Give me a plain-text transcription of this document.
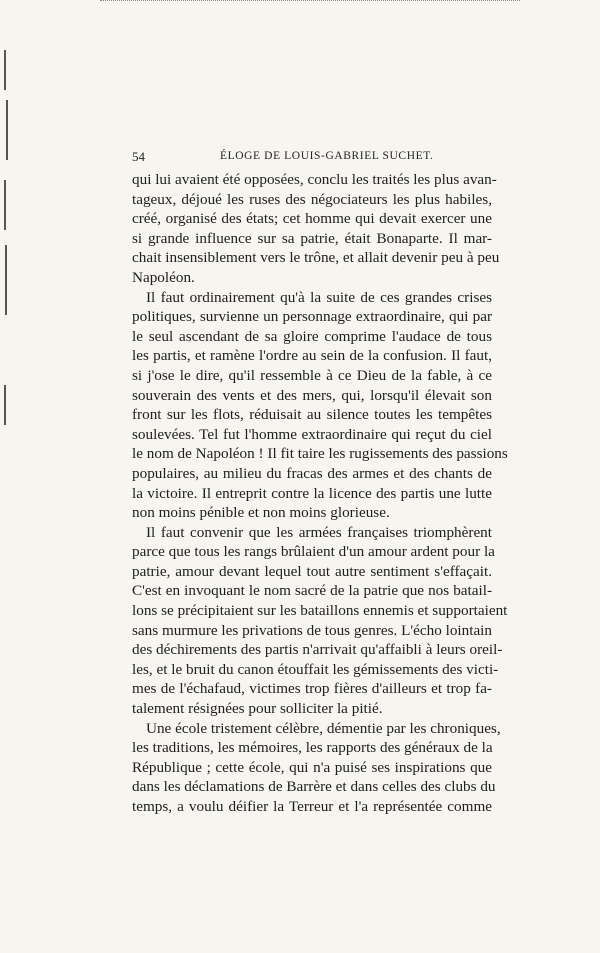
54	ÉLOGE DE LOUIS-GABRIEL SUCHET.
qui lui avaient été opposées, conclu les traités les plus avan-
tageux, déjoué les ruses des négociateurs les plus habiles,
créé, organisé des états; cet homme qui devait exercer une
si grande influence sur sa patrie, était Bonaparte. Il mar-
chait insensiblement vers le trône, et allait devenir peu à peu
Napoléon.
Il faut ordinairement qu'à la suite de ces grandes crises
politiques, survienne un personnage extraordinaire, qui par
le seul ascendant de sa gloire comprime l'audace de tous
les partis, et ramène l'ordre au sein de la confusion. Il faut,
si j'ose le dire, qu'il ressemble à ce Dieu de la fable, à ce
souverain des vents et des mers, qui, lorsqu'il élevait son
front sur les flots, réduisait au silence toutes les tempêtes
soulevées. Tel fut l'homme extraordinaire qui reçut du ciel
le nom de Napoléon ! Il fit taire les rugissements des passions
populaires, au milieu du fracas des armes et des chants de
la victoire. Il entreprit contre la licence des partis une lutte
non moins pénible et non moins glorieuse.
Il faut convenir que les armées françaises triomphèrent
parce que tous les rangs brûlaient d'un amour ardent pour la
patrie, amour devant lequel tout autre sentiment s'effaçait.
C'est en invoquant le nom sacré de la patrie que nos batail-
lons se précipitaient sur les bataillons ennemis et supportaient
sans murmure les privations de tous genres. L'écho lointain
des déchirements des partis n'arrivait qu'affaibli à leurs oreil-
les, et le bruit du canon étouffait les gémissements des victi-
mes de l'échafaud, victimes trop fières d'ailleurs et trop fa-
talement résignées pour solliciter la pitié.
Une école tristement célèbre, démentie par les chroniques,
les traditions, les mémoires, les rapports des généraux de la
République ; cette école, qui n'a puisé ses inspirations que
dans les déclamations de Barrère et dans celles des clubs du
temps, a voulu déifier la Terreur et l'a représentée comme
